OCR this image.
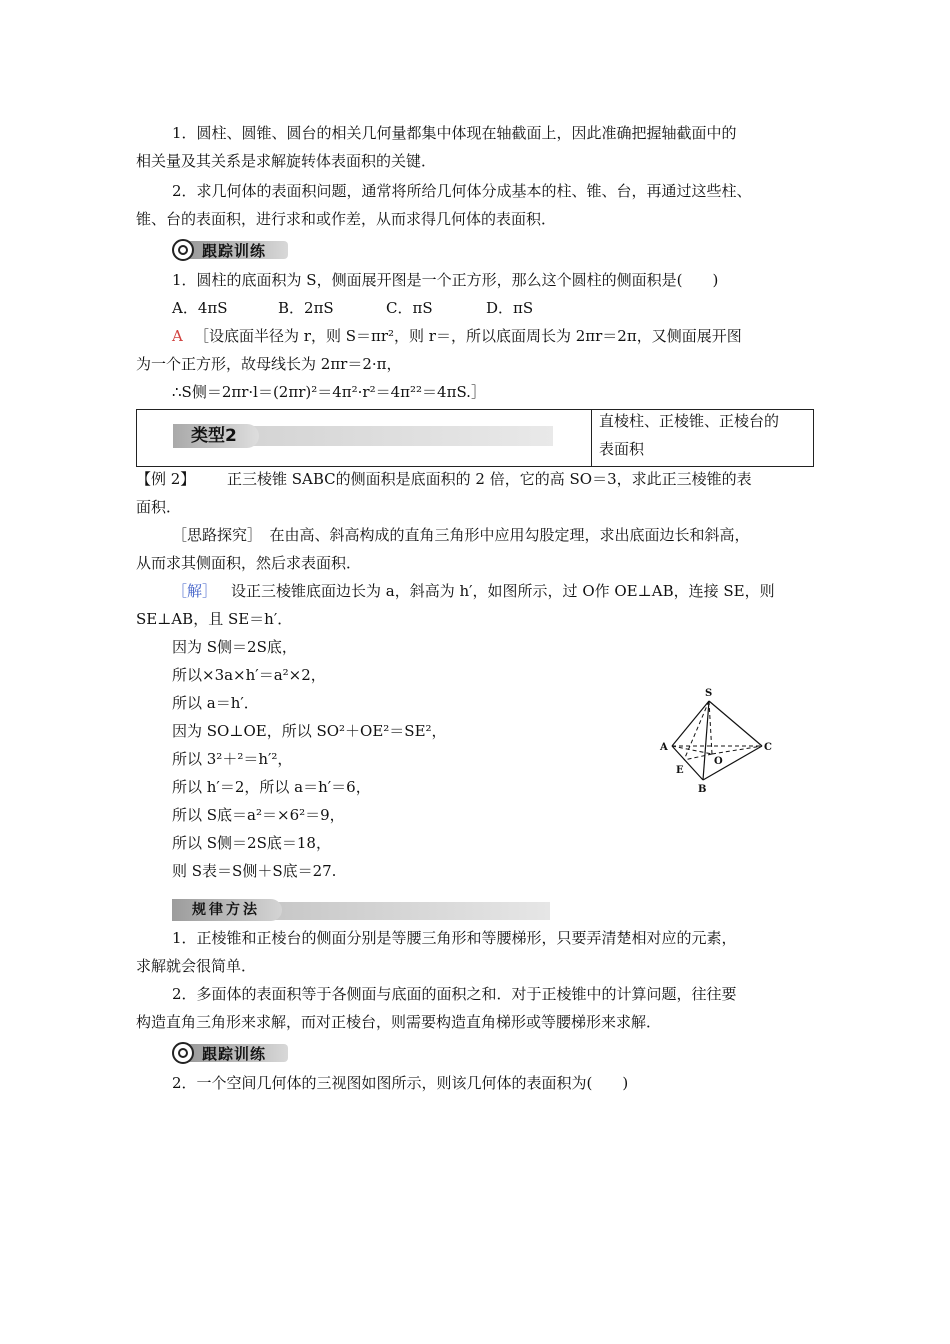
1．圆柱、圆锥、圆台的相关几何量都集中体现在轴截面上，因此准确把握轴截面中的
相关量及其关系是求解旋转体表面积的关键．
2．求几何体的表面积问题，通常将所给几何体分成基本的柱、锥、台，再通过这些柱、
锥、台的表面积，进行求和或作差，从而求得几何体的表面积．
跟踪训练
1．圆柱的底面积为 S，侧面展开图是一个正方形，那么这个圆柱的侧面积是(　　)
A．4πS	B．2πS	C．πS	D．πS
A ［设底面半径为 r，则 S＝πr²，则 r＝，所以底面周长为 2πr＝2π，又侧面展开图
为一个正方形，故母线长为 2πr＝2·π，
∴S侧＝2πr·l＝(2πr)²＝4π²·r²＝4π²²＝4πS.］
类型2
直棱柱、正棱锥、正棱台的
表面积
【例 2】 　正三棱锥 SABC的侧面积是底面积的 2 倍，它的高 SO＝3，求此正三棱锥的表
面积．
［思路探究］　在由高、斜高构成的直角三角形中应用勾股定理，求出底面边长和斜高，
从而求其侧面积，然后求表面积．
［解］
　设正三棱锥底面边长为 a，斜高为 h′，如图所示，过 O作 OE⊥AB，连接 SE，则
SE⊥AB，且 SE＝h′．
因为 S侧＝2S底，
所以×3a×h′＝a²×2，
所以 a＝h′．
因为 SO⊥OE，所以 SO²＋OE²＝SE²，
所以 3²＋²＝h′²，
所以 h′＝2，所以 a＝h′＝6，
所以 S底＝a²＝×6²＝9，
所以 S侧＝2S底＝18，
则 S表＝S侧＋S底＝27.
S
A	C
E
O
B
规律方法
1．正棱锥和正棱台的侧面分别是等腰三角形和等腰梯形，只要弄清楚相对应的元素，
求解就会很简单．
2．多面体的表面积等于各侧面与底面的面积之和．对于正棱锥中的计算问题，往往要
构造直角三角形来求解，而对正棱台，则需要构造直角梯形或等腰梯形来求解．
跟踪训练
2．一个空间几何体的三视图如图所示，则该几何体的表面积为(　　)
